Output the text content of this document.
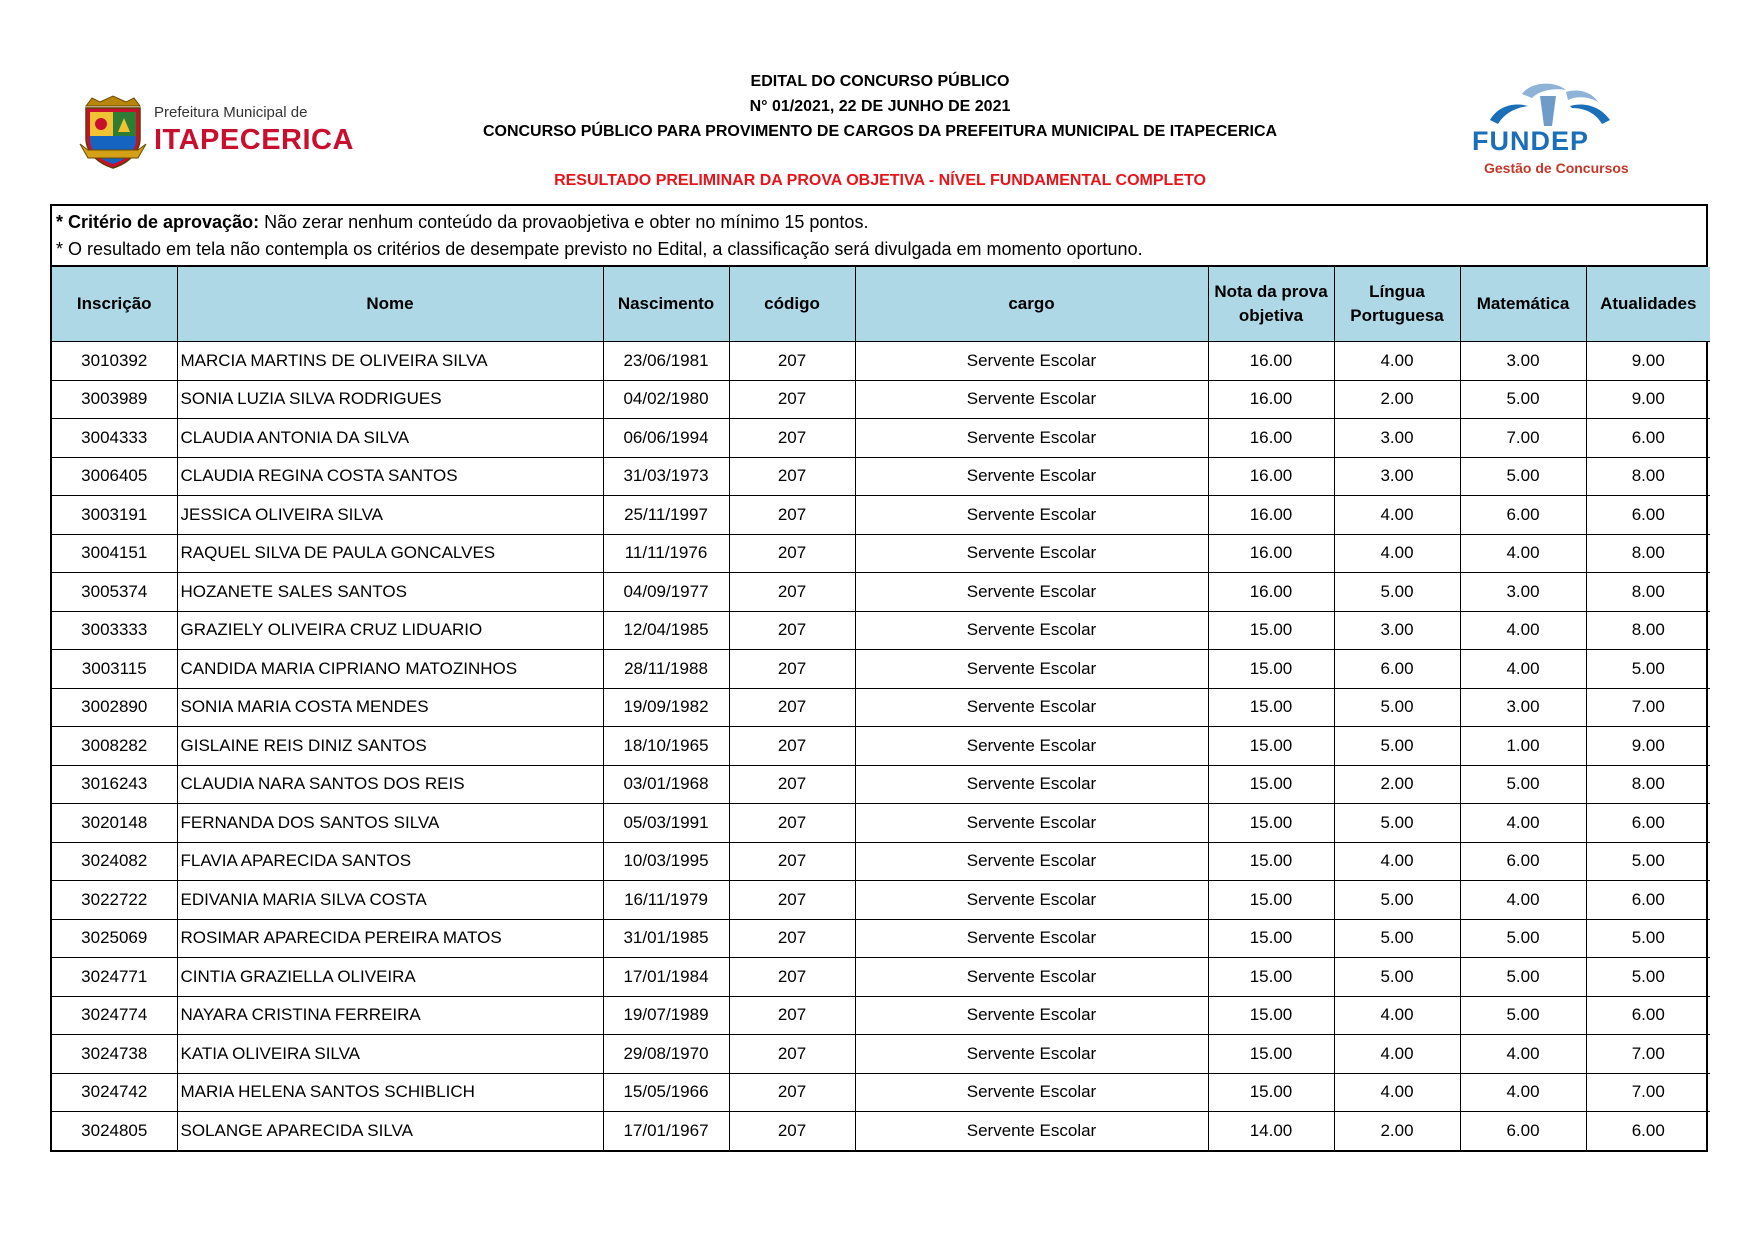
Prefeitura Municipal de
ITAPECERICA
EDITAL DO CONCURSO PÚBLICO
N° 01/2021, 22 DE JUNHO DE 2021
CONCURSO PÚBLICO PARA PROVIMENTO DE CARGOS DA PREFEITURA MUNICIPAL DE ITAPECERICA
RESULTADO PRELIMINAR DA PROVA OBJETIVA - NÍVEL FUNDAMENTAL COMPLETO
FUNDEP
Gestão de Concursos
* Critério de aprovação: Não zerar nenhum conteúdo da provaobjetiva e obter no mínimo 15 pontos.
* O resultado em tela não contempla os critérios de desempate previsto no Edital, a classificação será divulgada em momento oportuno.
Inscrição	Nome	Nascimento	código	cargo	Nota da prova objetiva	Língua Portuguesa	Matemática	Atualidades
3010392	MARCIA MARTINS DE OLIVEIRA SILVA	23/06/1981	207	Servente Escolar	16.00	4.00	3.00	9.00
3003989	SONIA LUZIA SILVA RODRIGUES	04/02/1980	207	Servente Escolar	16.00	2.00	5.00	9.00
3004333	CLAUDIA ANTONIA DA SILVA	06/06/1994	207	Servente Escolar	16.00	3.00	7.00	6.00
3006405	CLAUDIA REGINA COSTA SANTOS	31/03/1973	207	Servente Escolar	16.00	3.00	5.00	8.00
3003191	JESSICA OLIVEIRA SILVA	25/11/1997	207	Servente Escolar	16.00	4.00	6.00	6.00
3004151	RAQUEL SILVA DE PAULA GONCALVES	11/11/1976	207	Servente Escolar	16.00	4.00	4.00	8.00
3005374	HOZANETE SALES SANTOS	04/09/1977	207	Servente Escolar	16.00	5.00	3.00	8.00
3003333	GRAZIELY OLIVEIRA CRUZ LIDUARIO	12/04/1985	207	Servente Escolar	15.00	3.00	4.00	8.00
3003115	CANDIDA MARIA CIPRIANO MATOZINHOS	28/11/1988	207	Servente Escolar	15.00	6.00	4.00	5.00
3002890	SONIA MARIA COSTA MENDES	19/09/1982	207	Servente Escolar	15.00	5.00	3.00	7.00
3008282	GISLAINE REIS DINIZ SANTOS	18/10/1965	207	Servente Escolar	15.00	5.00	1.00	9.00
3016243	CLAUDIA NARA SANTOS DOS REIS	03/01/1968	207	Servente Escolar	15.00	2.00	5.00	8.00
3020148	FERNANDA DOS SANTOS SILVA	05/03/1991	207	Servente Escolar	15.00	5.00	4.00	6.00
3024082	FLAVIA APARECIDA SANTOS	10/03/1995	207	Servente Escolar	15.00	4.00	6.00	5.00
3022722	EDIVANIA MARIA SILVA COSTA	16/11/1979	207	Servente Escolar	15.00	5.00	4.00	6.00
3025069	ROSIMAR APARECIDA PEREIRA MATOS	31/01/1985	207	Servente Escolar	15.00	5.00	5.00	5.00
3024771	CINTIA GRAZIELLA OLIVEIRA	17/01/1984	207	Servente Escolar	15.00	5.00	5.00	5.00
3024774	NAYARA CRISTINA FERREIRA	19/07/1989	207	Servente Escolar	15.00	4.00	5.00	6.00
3024738	KATIA OLIVEIRA SILVA	29/08/1970	207	Servente Escolar	15.00	4.00	4.00	7.00
3024742	MARIA HELENA SANTOS SCHIBLICH	15/05/1966	207	Servente Escolar	15.00	4.00	4.00	7.00
3024805	SOLANGE APARECIDA SILVA	17/01/1967	207	Servente Escolar	14.00	2.00	6.00	6.00
